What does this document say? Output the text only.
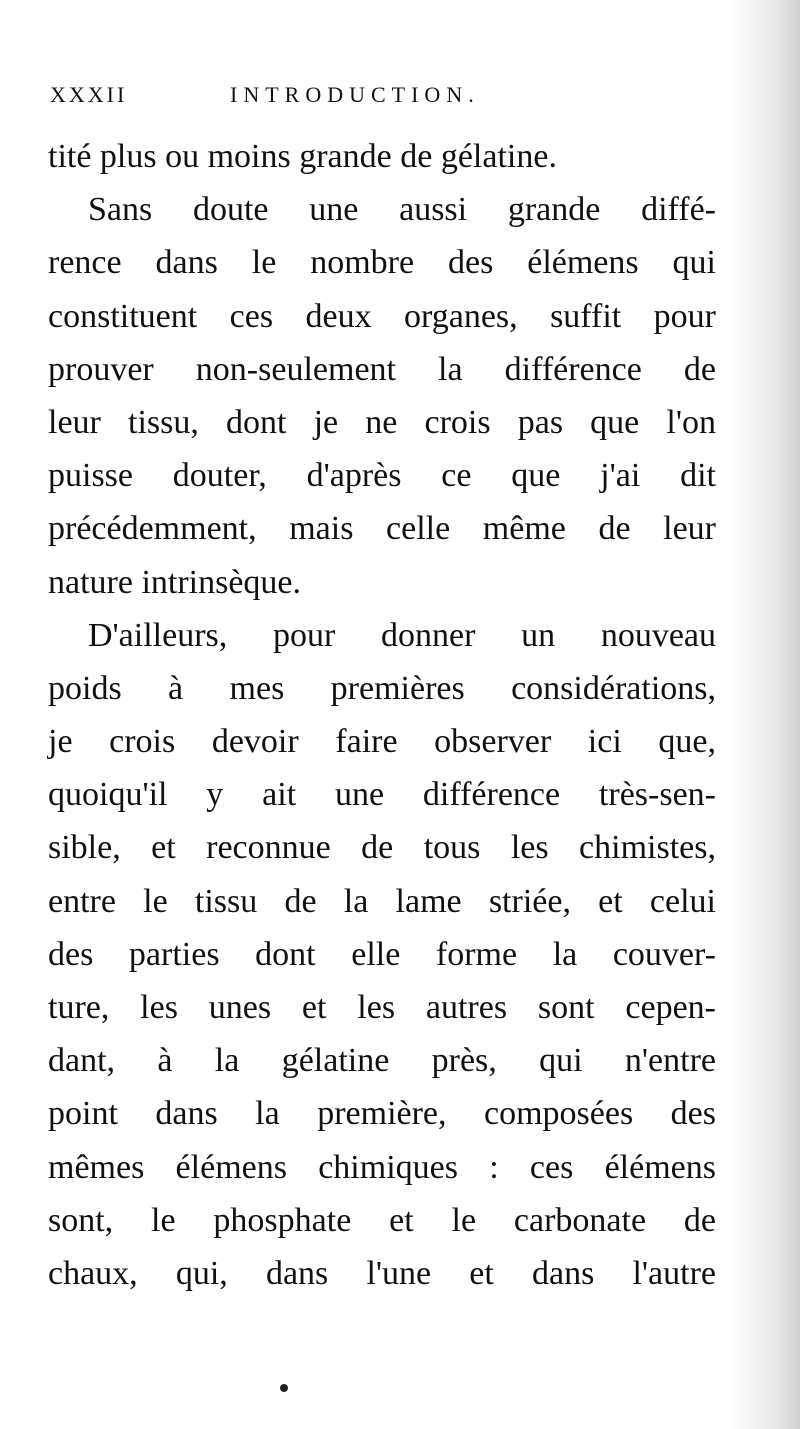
XXXII	INTRODUCTION.
tité plus ou moins grande de gélatine.
Sans doute une aussi grande diffé-
rence dans le nombre des élémens qui
constituent ces deux organes, suffit pour
prouver non-seulement la différence de
leur tissu, dont je ne crois pas que l'on
puisse douter, d'après ce que j'ai dit
précédemment, mais celle même de leur
nature intrinsèque.
D'ailleurs, pour donner un nouveau
poids à mes premières considérations,
je crois devoir faire observer ici que,
quoiqu'il y ait une différence très-sen-
sible, et reconnue de tous les chimistes,
entre le tissu de la lame striée, et celui
des parties dont elle forme la couver-
ture, les unes et les autres sont cepen-
dant, à la gélatine près, qui n'entre
point dans la première, composées des
mêmes élémens chimiques : ces élémens
sont, le phosphate et le carbonate de
chaux, qui, dans l'une et dans l'autre
